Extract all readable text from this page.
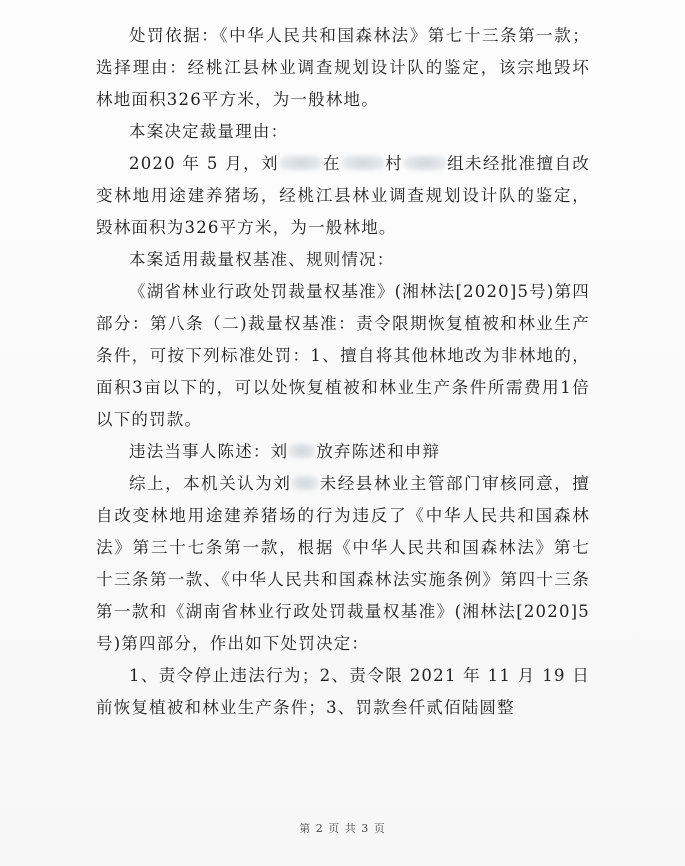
处罚依据：《中华人民共和国森林法》第七十三条第一款；选择理由：经桃江县林业调查规划设计队的鉴定，该宗地毁坏林地面积326平方米，为一般林地。

本案决定裁量理由：

2020 年 5 月，刘	在	村	组未经批准擅自改变林地用途建养猪场，经桃江县林业调查规划设计队的鉴定，毁林面积为326平方米，为一般林地。

本案适用裁量权基准、规则情况：

《湖省林业行政处罚裁量权基准》(湘林法[2020]5号)第四部分：第八条（二)裁量权基准：责令限期恢复植被和林业生产条件，可按下列标准处罚：1、擅自将其他林地改为非林地的，面积3亩以下的，可以处恢复植被和林业生产条件所需费用1倍以下的罚款。

违法当事人陈述：刘 放弃陈述和申辩

综上，本机关认为刘 未经县林业主管部门审核同意，擅自改变林地用途建养猪场的行为违反了《中华人民共和国森林法》第三十七条第一款，根据《中华人民共和国森林法》第七十三条第一款、《中华人民共和国森林法实施条例》第四十三条第一款和《湖南省林业行政处罚裁量权基准》(湘林法[2020]5号)第四部分，作出如下处罚决定：

1、责令停止违法行为；2、责令限 2021 年 11 月 19 日前恢复植被和林业生产条件；3、罚款叁仟贰佰陆圆整

第 2 页 共 3 页
